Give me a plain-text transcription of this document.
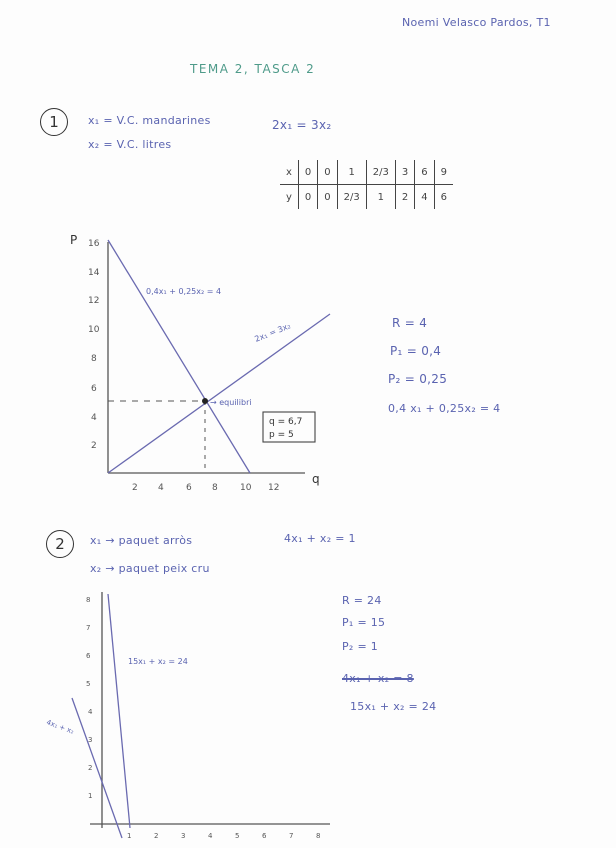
Noemi Velasco Pardos, T1
TEMA 2, TASCA 2
1	x₁ = V.C. mandarines
x₂ = V.C. litres
2x₁ = 3x₂
x	0	0	1	2/3	3	6	9
y	0	0	2/3	1	2	4	6
P
q
16
14
12
10
8
6
4
2
2 4 6 8 10 12
0,4x₁ + 0,25x₂ = 4
2x₁ = 3x₂
→ equilibri
q = 6,7
p = 5
R = 4
P₁ = 0,4
P₂ = 0,25
0,4 x₁ + 0,25x₂ = 4
2	x₁ → paquet arròs	4x₁ + x₂ = 1
x₂ → paquet peix cru
8
7
6
5
4
3
2
1
1	2	3	4	5	6	7	8
15x₁ + x₂ = 24
4x₁ + x₂
R = 24
P₁ = 15
P₂ = 1
4x₁ + x₂ = 8
15x₁ + x₂ = 24
